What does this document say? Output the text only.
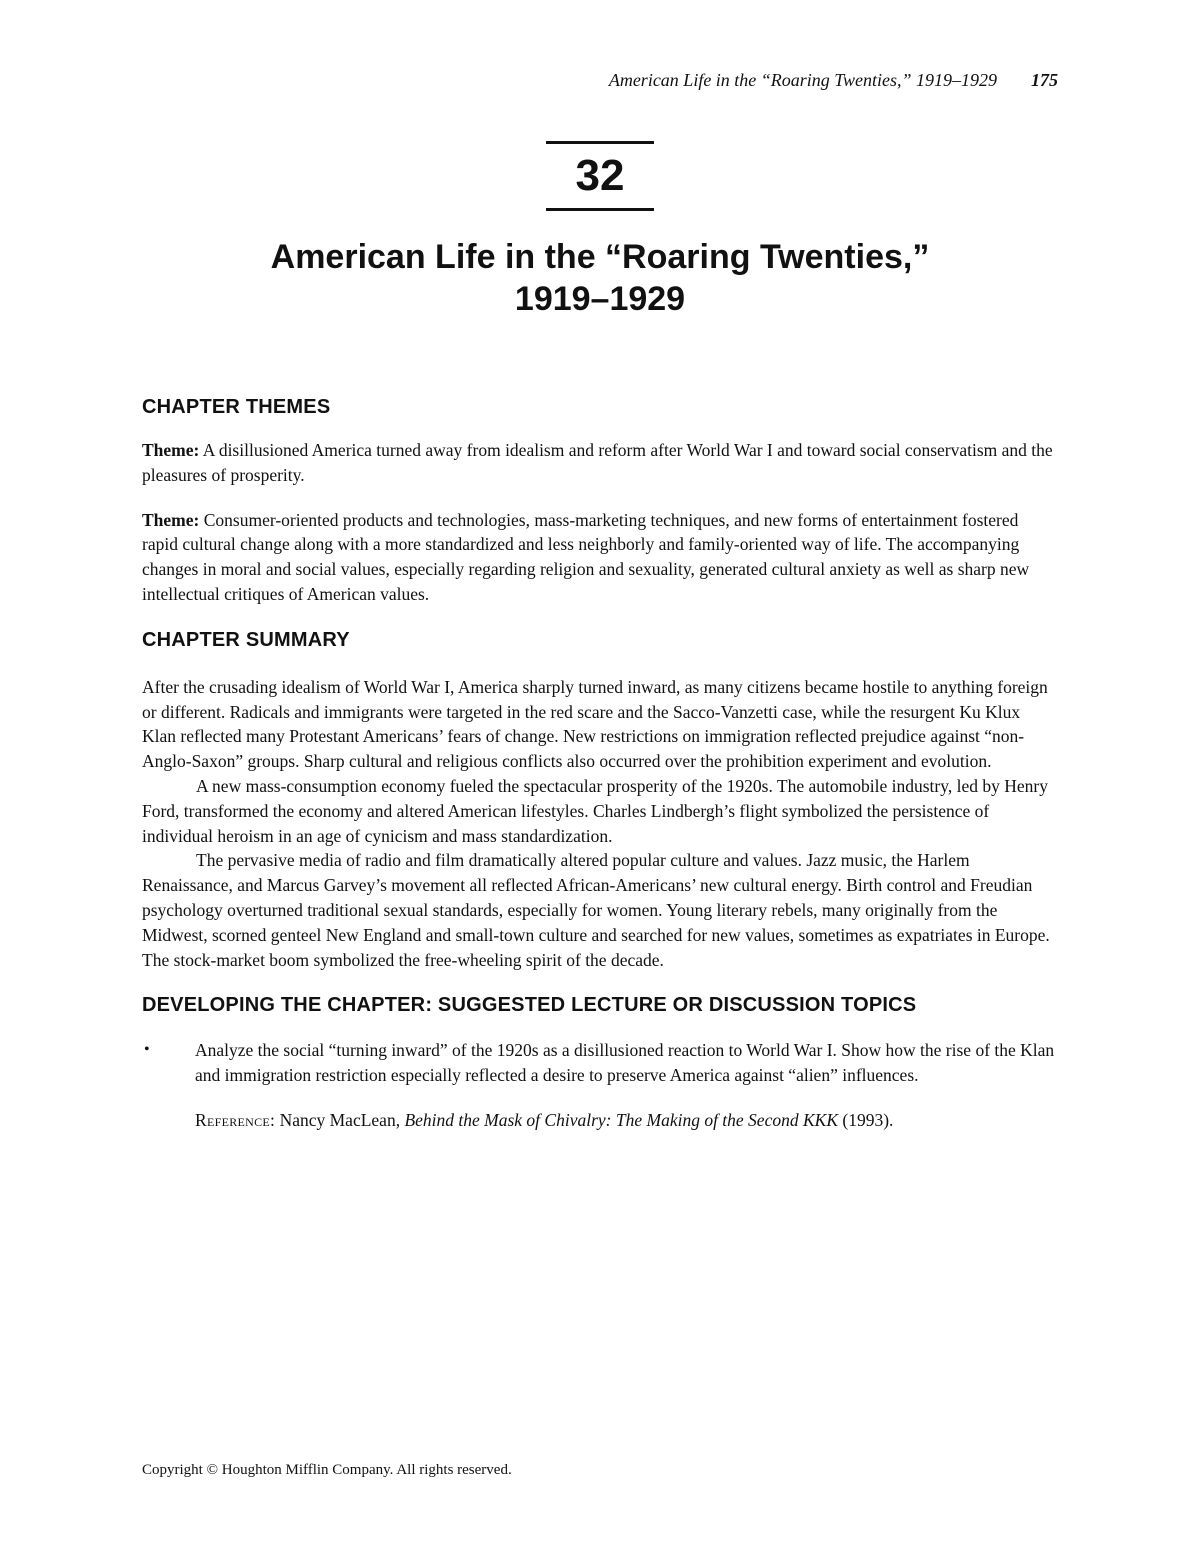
American Life in the “Roaring Twenties,” 1919–1929 175
32
American Life in the “Roaring Twenties,”
1919–1929
CHAPTER THEMES

Theme: A disillusioned America turned away from idealism and reform after World War I and toward social conservatism and the pleasures of prosperity.

Theme: Consumer-oriented products and technologies, mass-marketing techniques, and new forms of entertainment fostered rapid cultural change along with a more standardized and less neighborly and family-oriented way of life. The accompanying changes in moral and social values, especially regarding religion and sexuality, generated cultural anxiety as well as sharp new intellectual critiques of American values.

CHAPTER SUMMARY

After the crusading idealism of World War I, America sharply turned inward, as many citizens became hostile to anything foreign or different. Radicals and immigrants were targeted in the red scare and the Sacco-Vanzetti case, while the resurgent Ku Klux Klan reflected many Protestant Americans’ fears of change. New restrictions on immigration reflected prejudice against “non-Anglo-Saxon” groups. Sharp cultural and religious conflicts also occurred over the prohibition experiment and evolution.

A new mass-consumption economy fueled the spectacular prosperity of the 1920s. The automobile industry, led by Henry Ford, transformed the economy and altered American lifestyles. Charles Lindbergh’s flight symbolized the persistence of individual heroism in an age of cynicism and mass standardization.

The pervasive media of radio and film dramatically altered popular culture and values. Jazz music, the Harlem Renaissance, and Marcus Garvey’s movement all reflected African-Americans’ new cultural energy. Birth control and Freudian psychology overturned traditional sexual standards, especially for women. Young literary rebels, many originally from the Midwest, scorned genteel New England and small-town culture and searched for new values, sometimes as expatriates in Europe. The stock-market boom symbolized the free-wheeling spirit of the decade.

DEVELOPING THE CHAPTER: SUGGESTED LECTURE OR DISCUSSION TOPICS
•	Analyze the social “turning inward” of the 1920s as a disillusioned reaction to World War I. Show how the rise of the Klan and immigration restriction especially reflected a desire to preserve America against “alien” influences.

Reference: Nancy MacLean, Behind the Mask of Chivalry: The Making of the Second KKK (1993).

Copyright © Houghton Mifflin Company. All rights reserved.
